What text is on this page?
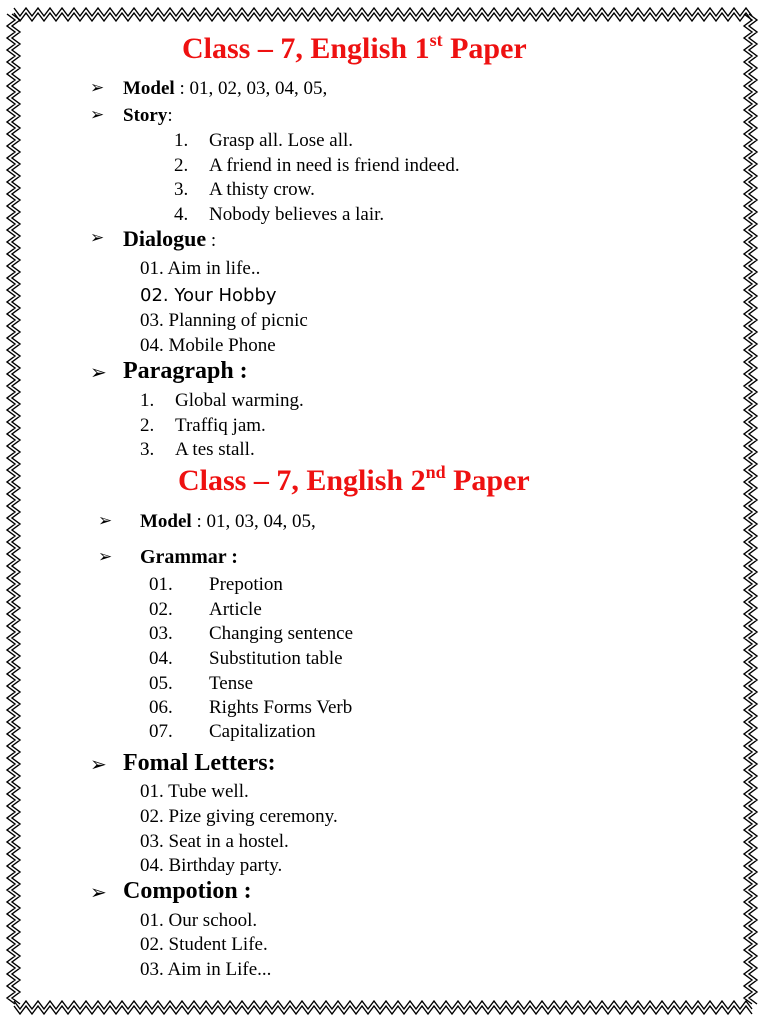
Class – 7, English 1st Paper
➢ Model : 01, 02, 03, 04, 05,
➢ Story:
1. Grasp all. Lose all.
2. A friend in need is friend indeed.
3. A thisty crow.
4. Nobody believes a lair.
➢ Dialogue :
01. Aim in life..
02. Your Hobby
03. Planning of picnic
04. Mobile Phone
➢ Paragraph :
1. Global warming.
2. Traffiq jam.
3. A tes stall.
Class – 7, English 2nd Paper
➢ Model : 01, 03, 04, 05,
➢ Grammar :
01. Prepotion
02. Article
03. Changing sentence
04. Substitution table
05. Tense
06. Rights Forms Verb
07. Capitalization
➢ Fomal Letters:
01. Tube well.
02. Pize giving ceremony.
03. Seat in a hostel.
04. Birthday party.
➢ Compotion :
01. Our school.
02. Student Life.
03. Aim in Life...
